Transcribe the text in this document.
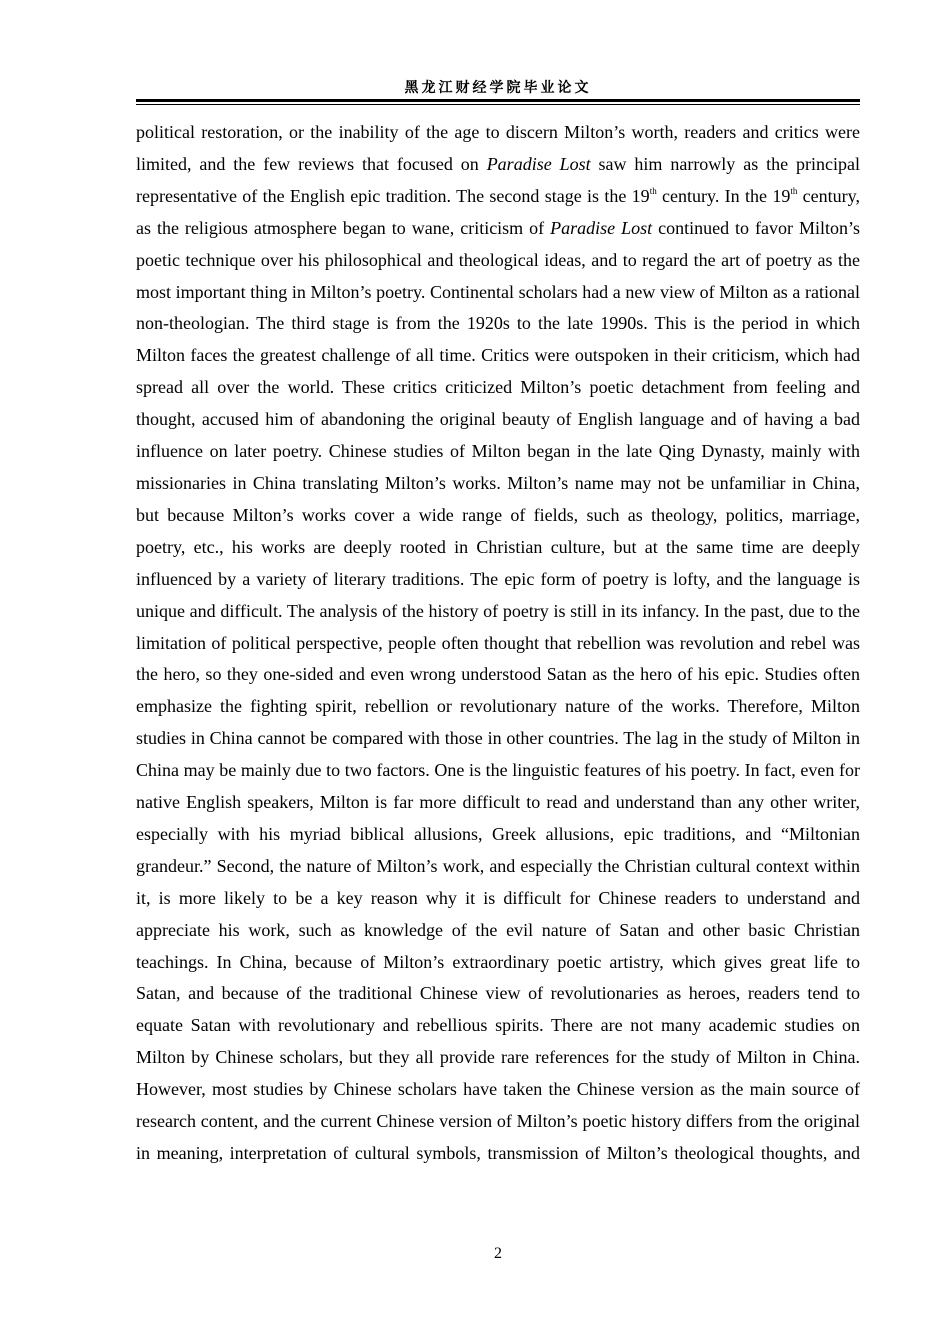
黑龙江财经学院毕业论文

political restoration, or the inability of the age to discern Milton’s worth, readers and critics were limited, and the few reviews that focused on Paradise Lost saw him narrowly as the principal representative of the English epic tradition. The second stage is the 19th century. In the 19th century, as the religious atmosphere began to wane, criticism of Paradise Lost continued to favor Milton’s poetic technique over his philosophical and theological ideas, and to regard the art of poetry as the most important thing in Milton’s poetry. Continental scholars had a new view of Milton as a rational non-theologian. The third stage is from the 1920s to the late 1990s. This is the period in which Milton faces the greatest challenge of all time. Critics were outspoken in their criticism, which had spread all over the world. These critics criticized Milton’s poetic detachment from feeling and thought, accused him of abandoning the original beauty of English language and of having a bad influence on later poetry. Chinese studies of Milton began in the late Qing Dynasty, mainly with missionaries in China translating Milton’s works. Milton’s name may not be unfamiliar in China, but because Milton’s works cover a wide range of fields, such as theology, politics, marriage, poetry, etc., his works are deeply rooted in Christian culture, but at the same time are deeply influenced by a variety of literary traditions. The epic form of poetry is lofty, and the language is unique and difficult. The analysis of the history of poetry is still in its infancy. In the past, due to the limitation of political perspective, people often thought that rebellion was revolution and rebel was the hero, so they one-sided and even wrong understood Satan as the hero of his epic. Studies often emphasize the fighting spirit, rebellion or revolutionary nature of the works. Therefore, Milton studies in China cannot be compared with those in other countries. The lag in the study of Milton in China may be mainly due to two factors. One is the linguistic features of his poetry. In fact, even for native English speakers, Milton is far more difficult to read and understand than any other writer, especially with his myriad biblical allusions, Greek allusions, epic traditions, and “Miltonian grandeur.” Second, the nature of Milton’s work, and especially the Christian cultural context within it, is more likely to be a key reason why it is difficult for Chinese readers to understand and appreciate his work, such as knowledge of the evil nature of Satan and other basic Christian teachings. In China, because of Milton’s extraordinary poetic artistry, which gives great life to Satan, and because of the traditional Chinese view of revolutionaries as heroes, readers tend to equate Satan with revolutionary and rebellious spirits. There are not many academic studies on Milton by Chinese scholars, but they all provide rare references for the study of Milton in China. However, most studies by Chinese scholars have taken the Chinese version as the main source of research content, and the current Chinese version of Milton’s poetic history differs from the original in meaning, interpretation of cultural symbols, transmission of Milton’s theological thoughts, and

2
